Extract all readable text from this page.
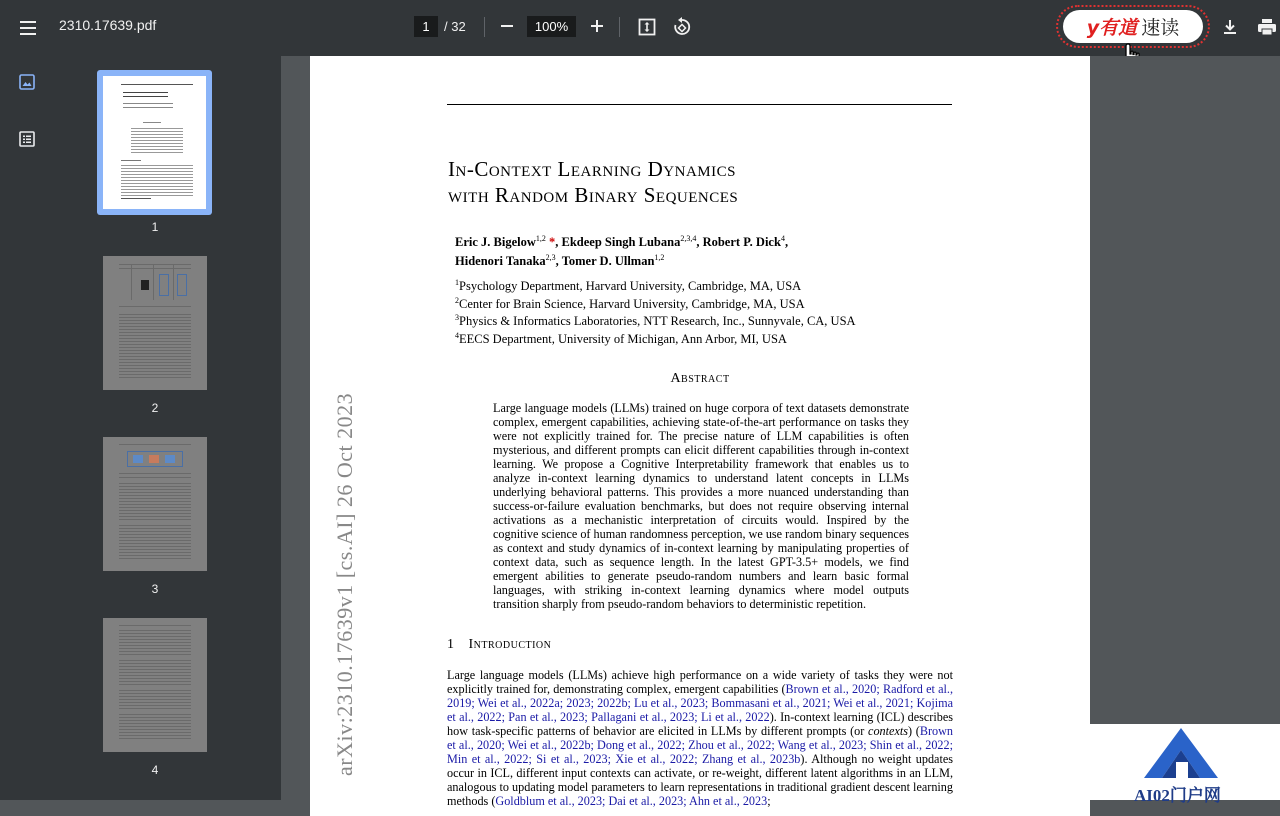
2310.17639.pdf	1	/ 32	100%	y有道 速读
1
2
3
4
In-Context Learning Dynamics
with Random Binary Sequences
Eric J. Bigelow$^{1,2}$ *, Ekdeep Singh Lubana$^{2,3,4}$, Robert P. Dick$^4$,
Hidenori Tanaka$^{2,3}$, Tomer D. Ullman$^{1,2}$
$^1$Psychology Department, Harvard University, Cambridge, MA, USA
$^2$Center for Brain Science, Harvard University, Cambridge, MA, USA
$^3$Physics & Informatics Laboratories, NTT Research, Inc., Sunnyvale, CA, USA
$^4$EECS Department, University of Michigan, Ann Arbor, MI, USA
Abstract
Large language models (LLMs) trained on huge corpora of text datasets demonstrate complex, emergent capabilities, achieving state-of-the-art performance on tasks they were not explicitly trained for. The precise nature of LLM capabilities is often mysterious, and different prompts can elicit different capabilities through in-context learning. We propose a Cognitive Interpretability framework that enables us to analyze in-context learning dynamics to understand latent concepts in LLMs underlying behavioral patterns. This provides a more nuanced understanding than success-or-failure evaluation benchmarks, but does not require observing internal activations as a mechanistic interpretation of circuits would. Inspired by the cognitive science of human randomness perception, we use random binary sequences as context and study dynamics of in-context learning by manipulating properties of context data, such as sequence length. In the latest GPT-3.5+ models, we find emergent abilities to generate pseudo-random numbers and learn basic formal languages, with striking in-context learning dynamics where model outputs transition sharply from pseudo-random behaviors to deterministic repetition.
1 Introduction
Large language models (LLMs) achieve high performance on a wide variety of tasks they were not explicitly trained for, demonstrating complex, emergent capabilities (Brown et al., 2020; Radford et al., 2019; Wei et al., 2022a; 2023; 2022b; Lu et al., 2023; Bommasani et al., 2021; Wei et al., 2021; Kojima et al., 2022; Pan et al., 2023; Pallagani et al., 2023; Li et al., 2022). In-context learning (ICL) describes how task-specific patterns of behavior are elicited in LLMs by different prompts (or contexts) (Brown et al., 2020; Wei et al., 2022b; Dong et al., 2022; Zhou et al., 2022; Wang et al., 2023; Shin et al., 2022; Min et al., 2022; Si et al., 2023; Xie et al., 2022; Zhang et al., 2023b). Although no weight updates occur in ICL, different input contexts can activate, or re-weight, different latent algorithms in an LLM, analogous to updating model parameters to learn representations in traditional gradient descent learning methods (Goldblum et al., 2023; Dai et al., 2023; Ahn et al., 2023;
arXiv:2310.17639v1 [cs.AI] 26 Oct 2023
AI02门户网
